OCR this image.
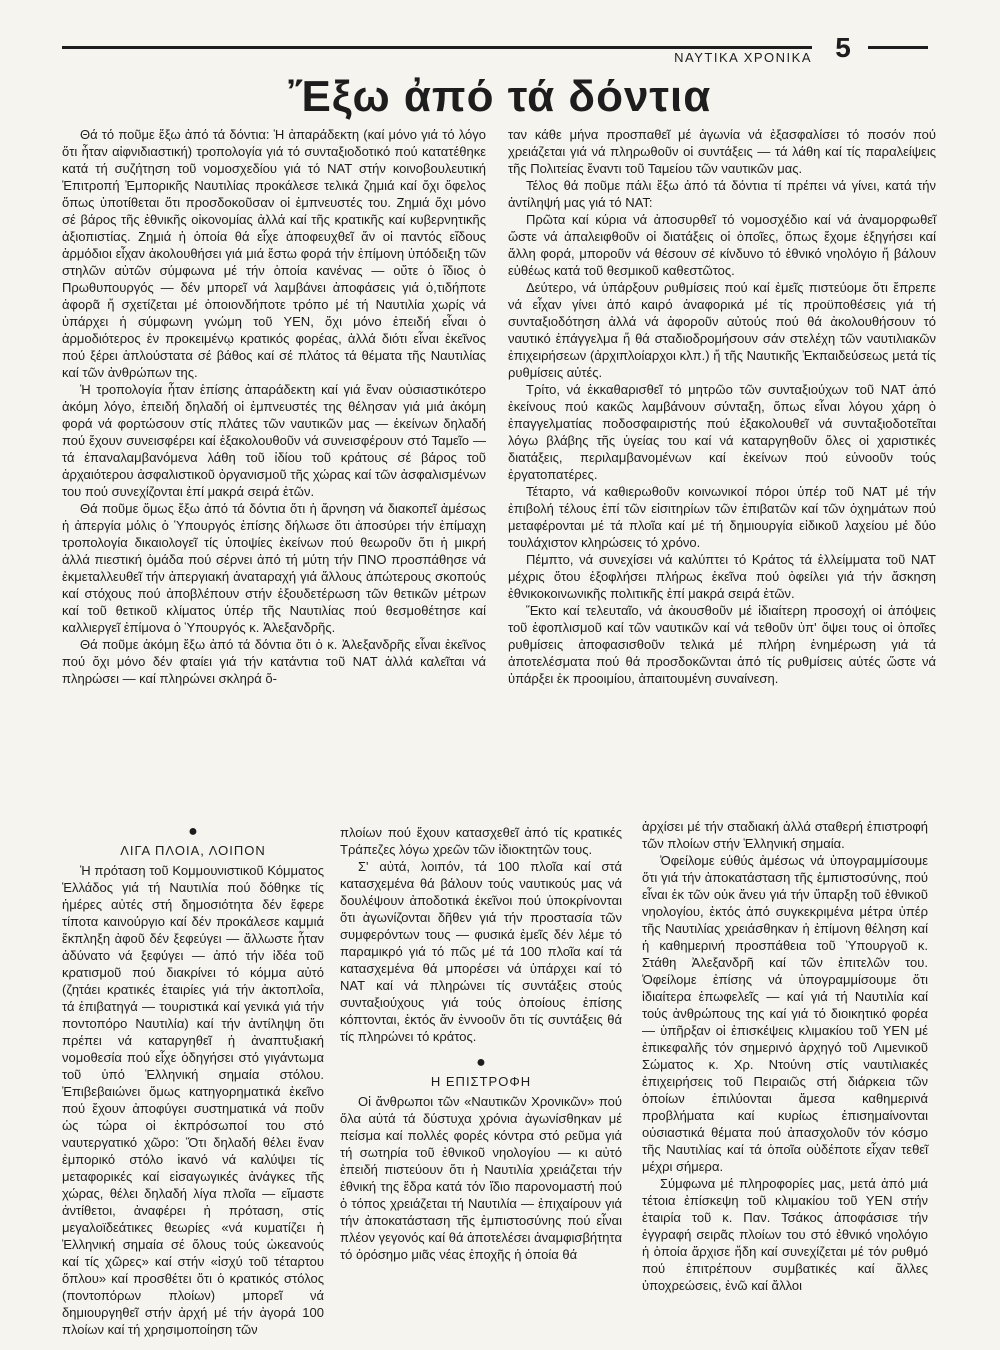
ΝΑΥΤΙΚΑ ΧΡΟΝΙΚΑ 5
Ἔξω ἀπό τά δόντια

Θά τό ποῦμε ἔξω ἀπό τά δόντια: Ἡ ἀπαράδεκτη (καί μόνο γιά τό λόγο ὅτι ἦταν αἰφνιδιαστική) τροπολογία γιά τό συνταξιοδοτικό πού κατατέθηκε κατά τή συζήτηση τοῦ νομοσχεδίου γιά τό ΝΑΤ στήν κοινοβουλευτική Ἐπιτροπή Ἐμπορικῆς Ναυτιλίας προκάλεσε τελικά ζημιά καί ὄχι ὄφελος ὅπως ὑποτίθεται ὅτι προσδοκοῦσαν οἱ ἐμπνευστές του. Ζημιά ὄχι μόνο σέ βάρος τῆς ἐθνικῆς οἰκονομίας ἀλλά καί τῆς κρατικῆς καί κυβερνητικῆς ἀξιοπιστίας. Ζημιά ἡ ὁποία θά εἶχε ἀποφευχθεῖ ἄν οἱ παντός εἴδους ἁρμόδιοι εἶχαν ἀκολουθήσει γιά μιά ἔστω φορά τήν ἐπίμονη ὑπόδειξη τῶν στηλῶν αὐτῶν σύμφωνα μέ τήν ὁποία κανένας — οὔτε ὁ ἴδιος ὁ Πρωθυπουργός — δέν μπορεῖ νά λαμβάνει ἀποφάσεις γιά ὁ,τιδήποτε ἀφορᾶ ἤ σχετίζεται μέ ὁποιονδήποτε τρόπο μέ τή Ναυτιλία χωρίς νά ὑπάρχει ἡ σύμφωνη γνώμη τοῦ ΥΕΝ, ὄχι μόνο ἐπειδή εἶναι ὁ ἁρμοδιότερος ἐν προκειμένῳ κρατικός φορέας, ἀλλά διότι εἶναι ἐκεῖνος πού ξέρει ἁπλούστατα σέ βάθος καί σέ πλάτος τά θέματα τῆς Ναυτιλίας καί τῶν ἀνθρώπων της.

Ἡ τροπολογία ἦταν ἐπίσης ἀπαράδεκτη καί γιά ἕναν οὐσιαστικότερο ἀκόμη λόγο, ἐπειδή δηλαδή οἱ ἐμπνευστές της θέλησαν γιά μιά ἀκόμη φορά νά φορτώσουν στίς πλάτες τῶν ναυτικῶν μας — ἐκείνων δηλαδή πού ἔχουν συνεισφέρει καί ἐξακολουθοῦν νά συνεισφέρουν στό Ταμεῖο — τά ἐπαναλαμβανόμενα λάθη τοῦ ἰδίου τοῦ κράτους σέ βάρος τοῦ ἀρχαιότερου ἀσφαλιστικοῦ ὀργανισμοῦ τῆς χώρας καί τῶν ἀσφαλισμένων του πού συνεχίζονται ἐπί μακρά σειρά ἐτῶν.

Θά ποῦμε ὅμως ἔξω ἀπό τά δόντια ὅτι ἡ ἄρνηση νά διακοπεῖ ἀμέσως ἡ ἀπεργία μόλις ὁ Ὑπουργός ἐπίσης δήλωσε ὅτι ἀποσύρει τήν ἐπίμαχη τροπολογία δικαιολογεῖ τίς ὑποψίες ἐκείνων πού θεωροῦν ὅτι ἡ μικρή ἀλλά πιεστική ὁμάδα πού σέρνει ἀπό τή μύτη τήν ΠΝΟ προσπάθησε νά ἐκμεταλλευθεῖ τήν ἀπεργιακή ἀναταραχή γιά ἄλλους ἀπώτερους σκοπούς καί στόχους πού ἀποβλέπουν στήν ἐξουδετέρωση τῶν θετικῶν μέτρων καί τοῦ θετικοῦ κλίματος ὑπέρ τῆς Ναυτιλίας πού θεσμοθέτησε καί καλλιεργεῖ ἐπίμονα ὁ Ὑπουργός κ. Ἀλεξανδρῆς.

Θά ποῦμε ἀκόμη ἔξω ἀπό τά δόντια ὅτι ὁ κ. Ἀλεξανδρῆς εἶναι ἐκεῖνος πού ὄχι μόνο δέν φταίει γιά τήν κατάντια τοῦ ΝΑΤ ἀλλά καλεῖται νά πληρώσει — καί πληρώνει σκληρά ὅ-

ταν κάθε μήνα προσπαθεῖ μέ ἀγωνία νά ἐξασφαλίσει τό ποσόν πού χρειάζεται γιά νά πληρωθοῦν οἱ συντάξεις — τά λάθη καί τίς παραλείψεις τῆς Πολιτείας ἔναντι τοῦ Ταμείου τῶν ναυτικῶν μας.

Τέλος θά ποῦμε πάλι ἔξω ἀπό τά δόντια τί πρέπει νά γίνει, κατά τήν ἀντίληψή μας γιά τό ΝΑΤ:

Πρῶτα καί κύρια νά ἀποσυρθεῖ τό νομοσχέδιο καί νά ἀναμορφωθεῖ ὥστε νά ἀπαλειφθοῦν οἱ διατάξεις οἱ ὁποῖες, ὅπως ἔχομε ἐξηγήσει καί ἄλλη φορά, μποροῦν νά θέσουν σέ κίνδυνο τό ἐθνικό νηολόγιο ἤ βάλουν εὐθέως κατά τοῦ θεσμικοῦ καθεστῶτος.

Δεύτερο, νά ὑπάρξουν ρυθμίσεις πού καί ἐμεῖς πιστεύομε ὅτι ἔπρεπε νά εἶχαν γίνει ἀπό καιρό ἀναφορικά μέ τίς προϋποθέσεις γιά τή συνταξιοδότηση ἀλλά νά ἀφοροῦν αὐτούς πού θά ἀκολουθήσουν τό ναυτικό ἐπάγγελμα ἤ θά σταδιοδρομήσουν σάν στελέχη τῶν ναυτιλιακῶν ἐπιχειρήσεων (ἀρχιπλοίαρχοι κλπ.) ἤ τῆς Ναυτικῆς Ἐκπαιδεύσεως μετά τίς ρυθμίσεις αὐτές.

Τρίτο, νά ἐκκαθαρισθεῖ τό μητρῶο τῶν συνταξιούχων τοῦ ΝΑΤ ἀπό ἐκείνους πού κακῶς λαμβάνουν σύνταξη, ὅπως εἶναι λόγου χάρη ὁ ἐπαγγελματίας ποδοσφαιριστής πού ἐξακολουθεῖ νά συνταξιοδοτεῖται λόγω βλάβης τῆς ὑγείας του καί νά καταργηθοῦν ὅλες οἱ χαριστικές διατάξεις, περιλαμβανομένων καί ἐκείνων πού εὐνοοῦν τούς ἐργατοπατέρες.

Τέταρτο, νά καθιερωθοῦν κοινωνικοί πόροι ὑπέρ τοῦ ΝΑΤ μέ τήν ἐπιβολή τέλους ἐπί τῶν εἰσιτηρίων τῶν ἐπιβατῶν καί τῶν ὀχημάτων πού μεταφέρονται μέ τά πλοῖα καί μέ τή δημιουργία εἰδικοῦ λαχείου μέ δύο τουλάχιστον κληρώσεις τό χρόνο.

Πέμπτο, νά συνεχίσει νά καλύπτει τό Κράτος τά ἐλλείμματα τοῦ ΝΑΤ μέχρις ὅτου ἐξοφλήσει πλήρως ἐκεῖνα πού ὀφείλει γιά τήν ἄσκηση ἐθνικοκοινωνικῆς πολιτικῆς ἐπί μακρά σειρά ἐτῶν.

Ἕκτο καί τελευταῖο, νά ἀκουσθοῦν μέ ἰδιαίτερη προσοχή οἱ ἀπόψεις τοῦ ἐφοπλισμοῦ καί τῶν ναυτικῶν καί νά τεθοῦν ὑπ' ὄψει τους οἱ ὁποῖες ρυθμίσεις ἀποφασισθοῦν τελικά μέ πλήρη ἐνημέρωση γιά τά ἀποτελέσματα πού θά προσδοκῶνται ἀπό τίς ρυθμίσεις αὐτές ὥστε νά ὑπάρξει ἐκ προοιμίου, ἀπαιτουμένη συναίνεση.

●
ΛΙΓΑ ΠΛΟΙΑ, ΛΟΙΠΟΝ

Ἡ πρόταση τοῦ Κομμουνιστικοῦ Κόμματος Ἑλλάδος γιά τή Ναυτιλία πού δόθηκε τίς ἡμέρες αὐτές στή δημοσιότητα δέν ἔφερε τίποτα καινούργιο καί δέν προκάλεσε καμμιά ἔκπληξη ἀφοῦ δέν ξεφεύγει — ἄλλωστε ἦταν ἀδύνατο νά ξεφύγει — ἀπό τήν ἰδέα τοῦ κρατισμοῦ πού διακρίνει τό κόμμα αὐτό (ζητάει κρατικές ἑταιρίες γιά τήν ἀκτοπλοΐα, τά ἐπιβατηγά — τουριστικά καί γενικά γιά τήν ποντοπόρο Ναυτιλία) καί τήν ἀντίληψη ὅτι πρέπει νά καταργηθεῖ ἡ ἀναπτυξιακή νομοθεσία πού εἶχε ὁδηγήσει στό γιγάντωμα τοῦ ὑπό Ἑλληνική σημαία στόλου. Ἐπιβεβαιώνει ὅμως κατηγορηματικά ἐκεῖνο πού ἔχουν ἀποφύγει συστηματικά νά ποῦν ὡς τώρα οἱ ἐκπρόσωποί του στό ναυτεργατικό χῶρο: Ὅτι δηλαδή θέλει ἕναν ἐμπορικό στόλο ἱκανό νά καλύψει τίς μεταφορικές καί εἰσαγωγικές ἀνάγκες τῆς χώρας, θέλει δηλαδή λίγα πλοῖα — εἴμαστε ἀντίθετοι, ἀναφέρει ἡ πρόταση, στίς μεγαλοϊδεάτικες θεωρίες «νά κυματίζει ἡ Ἑλληνική σημαία σέ ὅλους τούς ὠκεανούς καί τίς χῶρες» καί στήν «ἰσχύ τοῦ τέταρτου ὅπλου» καί προσθέτει ὅτι ὁ κρατικός στόλος (ποντοπόρων πλοίων) μπορεῖ νά δημιουργηθεῖ στήν ἀρχή μέ τήν ἀγορά 100 πλοίων καί τή χρησιμοποίηση τῶν

πλοίων πού ἔχουν κατασχεθεῖ ἀπό τίς κρατικές Τράπεζες λόγω χρεῶν τῶν ἰδιοκτητῶν τους.

Σ' αὐτά, λοιπόν, τά 100 πλοῖα καί στά κατασχεμένα θά βάλουν τούς ναυτικούς μας νά δουλέψουν ἀποδοτικά ἐκεῖνοι πού ὑποκρίνονται ὅτι ἀγωνίζονται δῆθεν γιά τήν προστασία τῶν συμφερόντων τους — φυσικά ἐμεῖς δέν λέμε τό παραμικρό γιά τό πῶς μέ τά 100 πλοῖα καί τά κατασχεμένα θά μπορέσει νά ὑπάρχει καί τό ΝΑΤ καί νά πληρώνει τίς συντάξεις στούς συνταξιούχους γιά τούς ὁποίους ἐπίσης κόπτονται, ἐκτός ἄν ἐννοοῦν ὅτι τίς συντάξεις θά τίς πληρώνει τό κράτος.

●
Η ΕΠΙΣΤΡΟΦΗ

Οἱ ἄνθρωποι τῶν «Ναυτικῶν Χρονικῶν» πού ὅλα αὐτά τά δύστυχα χρόνια ἀγωνίσθηκαν μέ πείσμα καί πολλές φορές κόντρα στό ρεῦμα γιά τή σωτηρία τοῦ ἐθνικοῦ νηολογίου — κι αὐτό ἐπειδή πιστεύουν ὅτι ἡ Ναυτιλία χρειάζεται τήν ἐθνική της ἕδρα κατά τόν ἴδιο παρονομαστή πού ὁ τόπος χρειάζεται τή Ναυτιλία — ἐπιχαίρουν γιά τήν ἀποκατάσταση τῆς ἐμπιστοσύνης πού εἶναι πλέον γεγονός καί θά ἀποτελέσει ἀναμφισβήτητα τό ὁρόσημο μιᾶς νέας ἐποχῆς ἡ ὁποία θά

ἀρχίσει μέ τήν σταδιακή ἀλλά σταθερή ἐπιστροφή τῶν πλοίων στήν Ἑλληνική σημαία.

Ὀφείλομε εὐθύς ἀμέσως νά ὑπογραμμίσουμε ὅτι γιά τήν ἀποκατάσταση τῆς ἐμπιστοσύνης, πού εἶναι ἐκ τῶν οὐκ ἄνευ γιά τήν ὕπαρξη τοῦ ἐθνικοῦ νηολογίου, ἐκτός ἀπό συγκεκριμένα μέτρα ὑπέρ τῆς Ναυτιλίας χρειάσθηκαν ἡ ἐπίμονη θέληση καί ἡ καθημερινή προσπάθεια τοῦ Ὑπουργοῦ κ. Στάθη Ἀλεξανδρῆ καί τῶν ἐπιτελῶν του. Ὀφείλομε ἐπίσης νά ὑπογραμμίσουμε ὅτι ἰδιαίτερα ἐπωφελεῖς — καί γιά τή Ναυτιλία καί τούς ἀνθρώπους της καί γιά τό διοικητικό φορέα — ὑπῆρξαν οἱ ἐπισκέψεις κλιμακίου τοῦ ΥΕΝ μέ ἐπικεφαλῆς τόν σημερινό ἀρχηγό τοῦ Λιμενικοῦ Σώματος κ. Χρ. Ντούνη στίς ναυτιλιακές ἐπιχειρήσεις τοῦ Πειραιῶς στή διάρκεια τῶν ὁποίων ἐπιλύονται ἄμεσα καθημερινά προβλήματα καί κυρίως ἐπισημαίνονται οὐσιαστικά θέματα πού ἀπασχολοῦν τόν κόσμο τῆς Ναυτιλίας καί τά ὁποῖα οὐδέποτε εἶχαν τεθεῖ μέχρι σήμερα.

Σύμφωνα μέ πληροφορίες μας, μετά ἀπό μιά τέτοια ἐπίσκεψη τοῦ κλιμακίου τοῦ ΥΕΝ στήν ἑταιρία τοῦ κ. Παν. Τσάκος ἀποφάσισε τήν ἐγγραφή σειρᾶς πλοίων του στό ἐθνικό νηολόγιο ἡ ὁποία ἄρχισε ἤδη καί συνεχίζεται μέ τόν ρυθμό πού ἐπιτρέπουν συμβατικές καί ἄλλες ὑποχρεώσεις, ἐνῶ καί ἄλλοι
